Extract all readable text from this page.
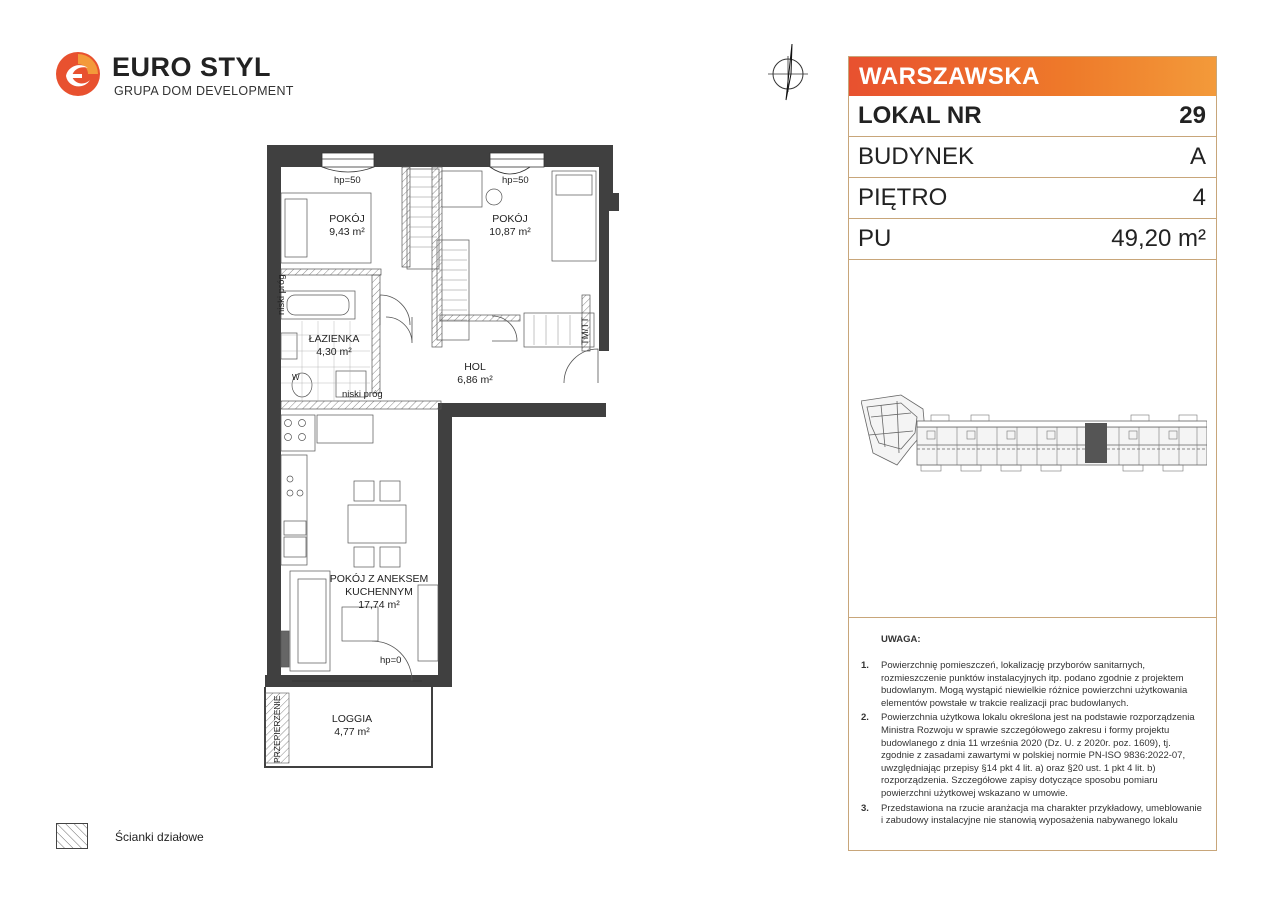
EURO STYL
GRUPA DOM DEVELOPMENT
WARSZAWSKA
LOKAL NR	29
BUDYNEK	A
PIĘTRO	4
PU	49,20 m²
UWAGA:
1.	Powierzchnię pomieszczeń, lokalizację przyborów sanitarnych, rozmieszczenie punktów instalacyjnych itp. podano zgodnie z projektem budowlanym. Mogą wystąpić niewielkie różnice powierzchni użytkowania elementów powstałe w trakcie realizacji prac budowlanych.
2.	Powierzchnia użytkowa lokalu określona jest na podstawie rozporządzenia Ministra Rozwoju w sprawie szczegółowego zakresu i formy projektu budowlanego z dnia 11 września 2020 (Dz. U. z 2020r. poz. 1609), tj. zgodnie z zasadami zawartymi w polskiej normie PN-ISO 9836:2022-07, uwzględniając przepisy §14 pkt 4 lit. a) oraz §20 ust. 1 pkt 4 lit. b) rozporządzenia. Szczegółowe zapisy dotyczące sposobu pomiaru powierzchni użytkowej wskazano w umowie.
3.	Przedstawiona na rzucie aranżacja ma charakter przykładowy, umeblowanie i zabudowy instalacyjne nie stanowią wyposażenia nabywanego lokalu
POKÓJ
9,43 m²
POKÓJ
10,87 m²
ŁAZIENKA
4,30 m²
HOL
6,86 m²
POKÓJ Z ANEKSEM
KUCHENNYM
17,74 m²
LOGGIA
4,77 m²
hp=50	hp=50
hp=0
niski próg
niski próg
TM/TT
PRZEPIERZENIE
W
Ścianki działowe
